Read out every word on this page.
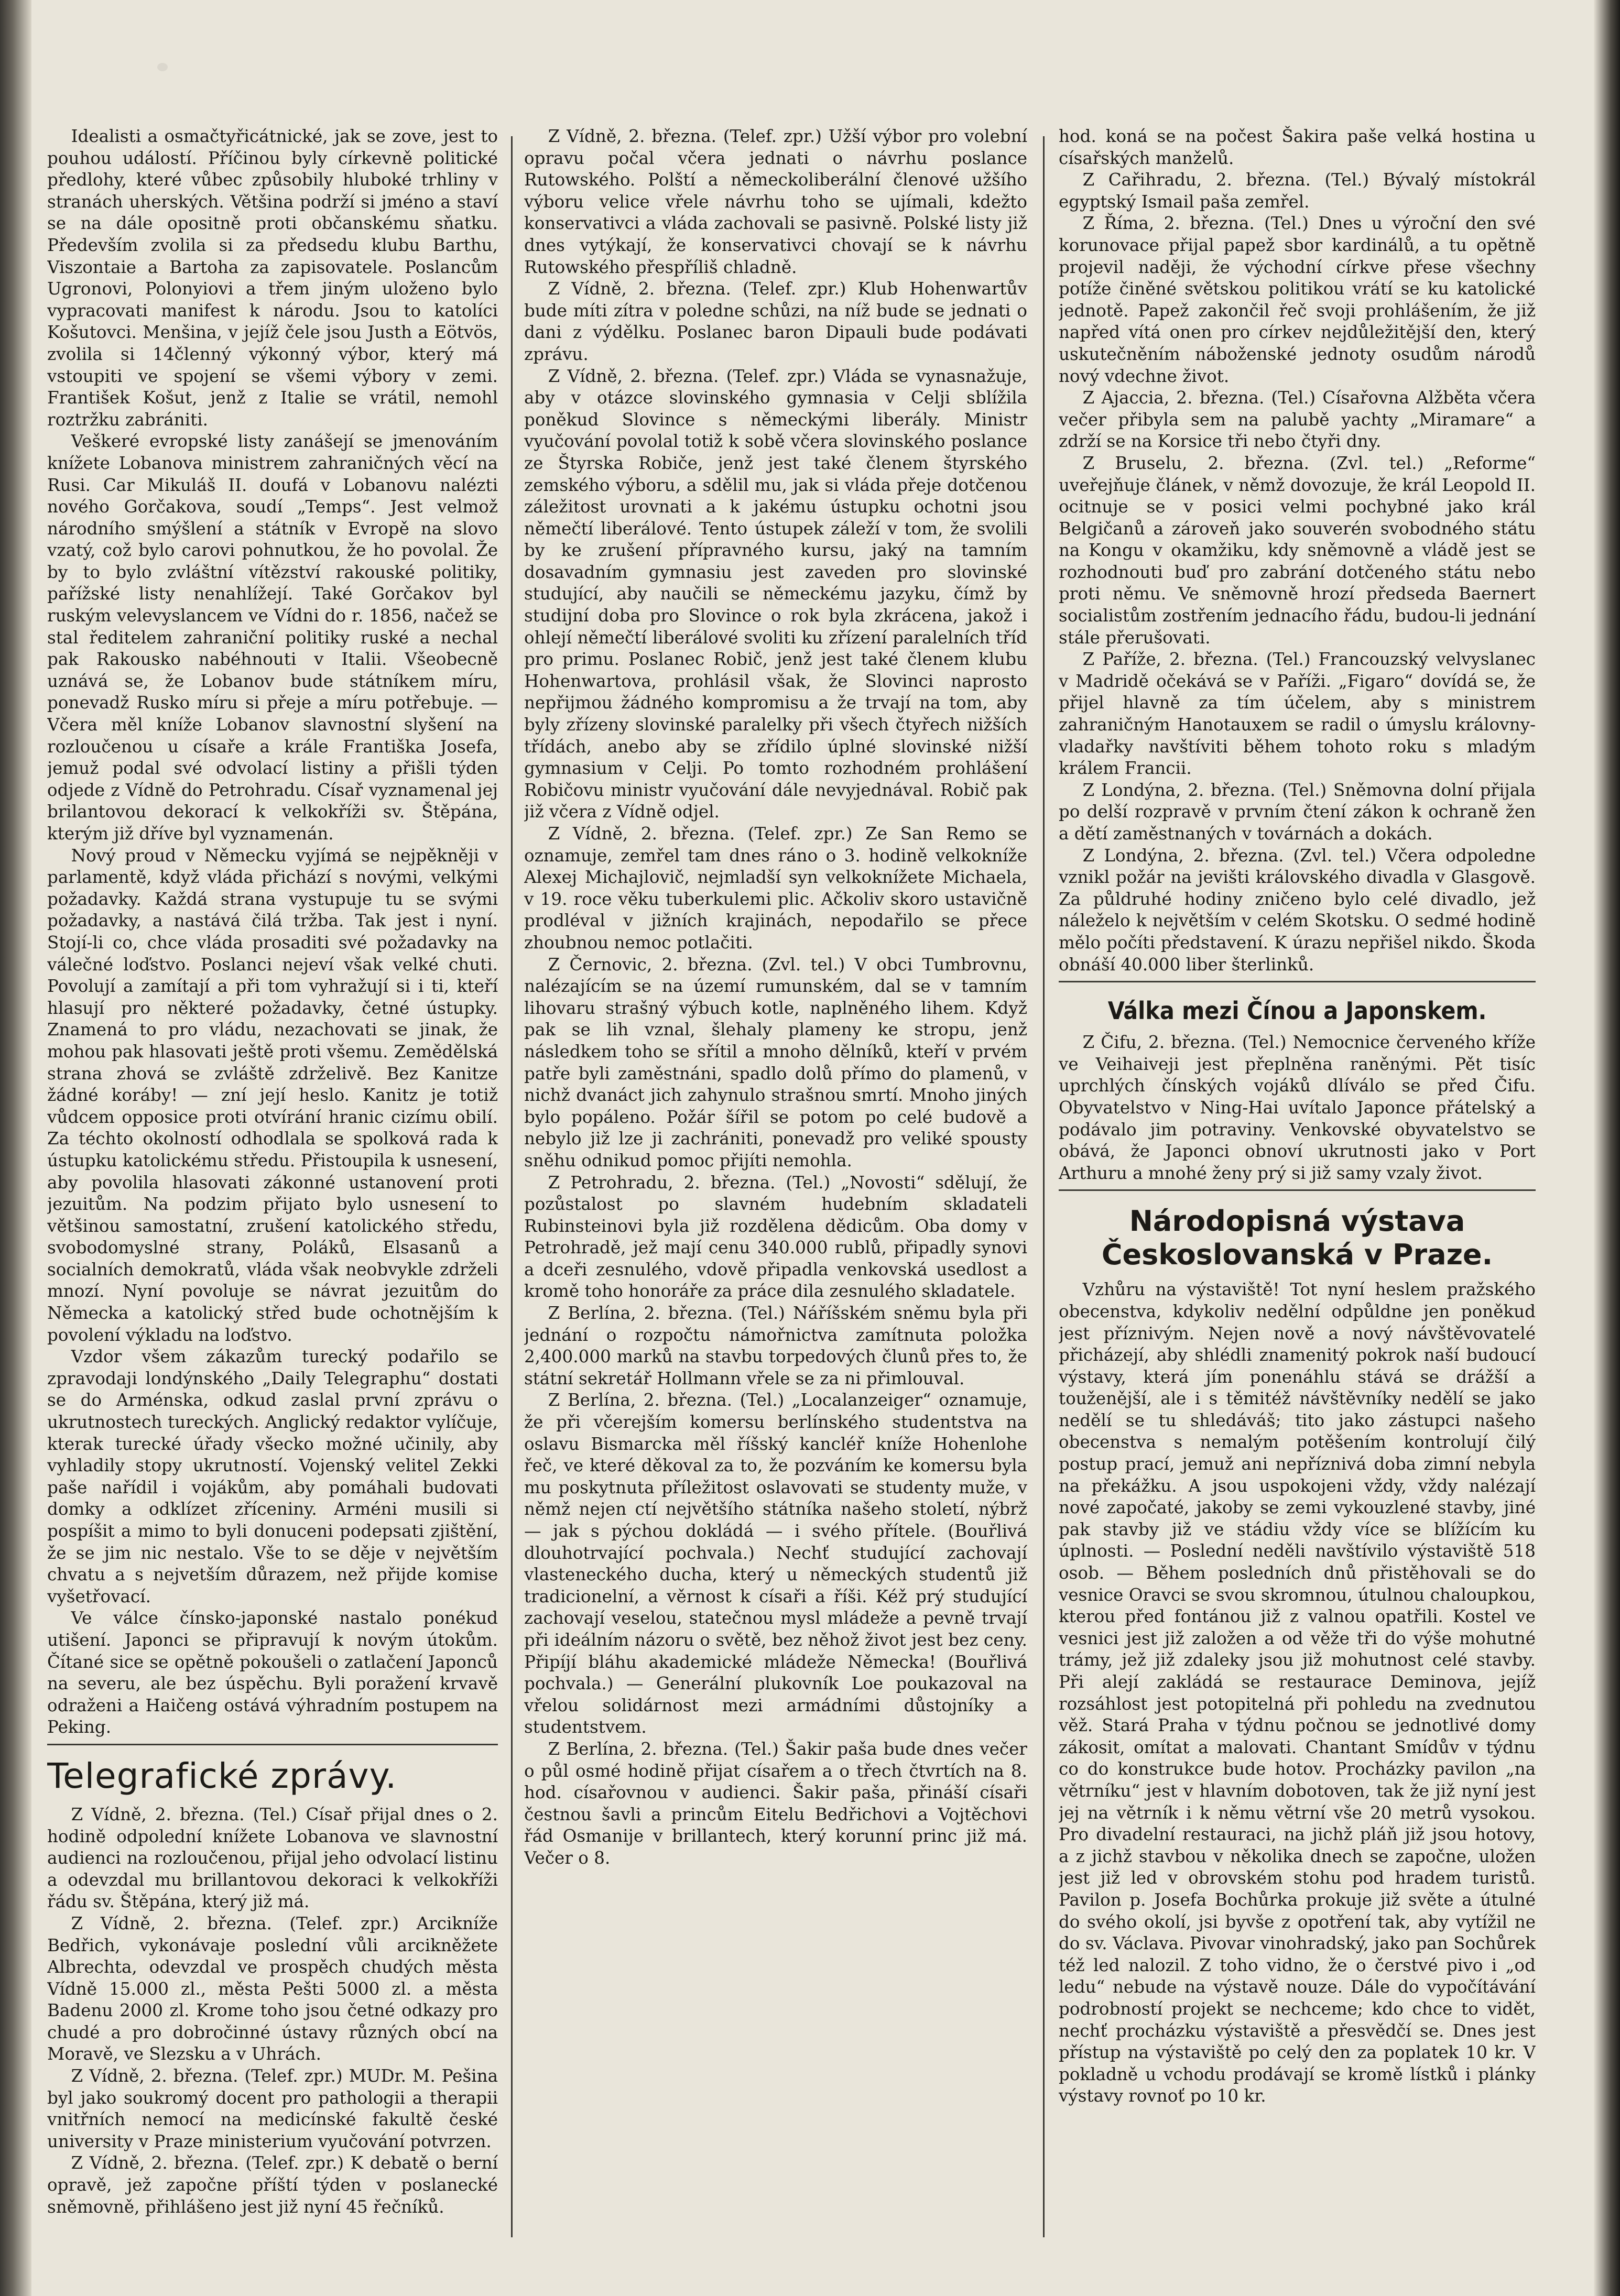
Idealisti a osmačtyřicátnické, jak se zove, jest to pouhou událostí. Příčinou byly církevně politické předlohy, které vůbec způsobily hluboké trhliny v stranách uherských. Většina podrží si jméno a staví se na dále opositně proti občanskému sňatku. Především zvolila si za předsedu klubu Barthu, Viszontaie a Bartoha za zapisovatele. Poslancům Ugronovi, Polonyiovi a třem jiným uloženo bylo vypracovati manifest k národu. Jsou to katolíci Košutovci. Menšina, v jejíž čele jsou Justh a Eötvös, zvolila si 14členný výkonný výbor, který má vstoupiti ve spojení se všemi výbory v zemi. František Košut, jenž z Italie se vrátil, nemohl roztržku zabrániti.

Veškeré evropské listy zanášejí se jmenováním knížete Lobanova ministrem zahraničných věcí na Rusi. Car Mikuláš II. doufá v Lobanovu nalézti nového Gorčakova, soudí „Temps“. Jest velmož národního smýšlení a státník v Evropě na slovo vzatý, což bylo carovi pohnutkou, že ho povolal. Že by to bylo zvláštní vítězství rakouské politiky, pařížské listy nenahlížejí. Také Gorčakov byl ruským velevyslancem ve Vídni do r. 1856, načež se stal ředitelem zahraniční politiky ruské a nechal pak Rakousko nabéhnouti v Italii. Všeobecně uznává se, že Lobanov bude státníkem míru, ponevadž Rusko míru si přeje a míru potřebuje. — Včera měl kníže Lobanov slavnostní slyšení na rozloučenou u císaře a krále Františka Josefa, jemuž podal své odvolací listiny a přišli týden odjede z Vídně do Petrohradu. Císař vyznamenal jej brilantovou dekorací k velkokříži sv. Štěpána, kterým již dříve byl vyznamenán.

Nový proud v Německu vyjímá se nejpěkněji v parlamentě, když vláda přichází s novými, velkými požadavky. Každá strana vystupuje tu se svými požadavky, a nastává čilá tržba. Tak jest i nyní. Stojí-li co, chce vláda prosaditi své požadavky na válečné loďstvo. Poslanci nejeví však velké chuti. Povolují a zamítají a při tom vyhražují si i ti, kteří hlasují pro některé požadavky, četné ústupky. Znamená to pro vládu, nezachovati se jinak, že mohou pak hlasovati ještě proti všemu. Zemědělská strana zhová se zvláště zdrželivě. Bez Kanitze žádné koráby! — zní její heslo. Kanitz je totiž vůdcem opposice proti otvírání hraniс cizímu obilí. Za téchto okolností odhodlala se spolková rada k ústupku katolickému středu. Přistoupila k usnesení, aby povolila hlasovati zákonné ustanovení proti jezuitům. Na podzim přijato bylo usnesení to většinou samostatní, zrušení katolického středu, svobodomyslné strany, Poláků, Elsasanů a socialních demokratů, vláda však neobvykle zdrželi mnozí. Nyní povoluje se návrat jezuitům do Německa a katolický střed bude ochotnějším k povolení výkladu na loďstvo.

Vzdor všem zákazům turecký podařilo se zpravodaji londýnského „Daily Telegraphu“ dostati se do Arménska, odkud zaslal první zprávu o ukrutnostech tureckých. Anglický redaktor vylíčuje, kterak turecké úřady všecko možné učinily, aby vyhladily stopy ukrutností. Vojenský velitel Zekki paše nařídil i vojákům, aby pomáhali budovati domky a odklízet zříceniny. Arméni musili si pospíšit a mimo to byli donuceni podepsati zjištění, že se jim nic nestalo. Vše to se děje v největším chvatu a s nejvetším důrazem, než přijde komise vyšetřovací.

Ve válce čínsko-japonské nastalo ponékud utišení. Japonci se připravují k novým útokům. Čítané sice se opětně pokoušeli o zatlačení Japonců na severu, ale bez úspěchu. Byli poražení krvavě odraženi a Haičeng ostává výhradním postupem na Peking.

Telegrafické zprávy.

Z Vídně, 2. března. (Tel.) Císař přijal dnes o 2. hodině odpolední knížete Lobanova ve slavnostní audienci na rozloučenou, přijal jeho odvolací listinu a odevzdal mu brillantovou dekoraci k velkokříži řádu sv. Štěpána, který již má.

Z Vídně, 2. března. (Telef. zpr.) Arcikníže Bedřich, vykonávaje poslední vůli arcikněžete Albrechta, odevzdal ve prospěch chudých města Vídně 15.000 zl., města Pešti 5000 zl. a města Badenu 2000 zl. Krome toho jsou četné odkazy pro chudé a pro dobročinné ústavy různých obcí na Moravě, ve Slezsku a v Uhrách.

Z Vídně, 2. března. (Telef. zpr.) MUDr. M. Pešina byl jako soukromý docent pro pathologii a therapii vnitřních nemocí na medicínské fakultě české university v Praze ministerium vyučování potvrzen.

Z Vídně, 2. března. (Telef. zpr.) K debatě o berní opravě, jež započne příští týden v poslanecké sněmovně, přihlášeno jest již nyní 45 řečníků.

Z Vídně, 2. března. (Telef. zpr.) Užší výbor pro volební opravu počal včera jednati o návrhu poslance Rutowského. Polští a německoliberální členové užšího výboru velice vřele návrhu toho se ujímali, kdežto konservativci a vláda zachovali se pasivně. Polské listy již dnes vytýkají, že konservativci chovají se k návrhu Rutowského přespříliš chladně.

Z Vídně, 2. března. (Telef. zpr.) Klub Hohenwartův bude míti zítra v poledne schůzi, na níž bude se jednati o dani z výdělku. Poslanec baron Dipauli bude podávati zprávu.

Z Vídně, 2. března. (Telef. zpr.) Vláda se vynasnažuje, aby v otázce slovinského gymnasia v Celji sblížila poněkud Slovince s německými liberály. Ministr vyučování povolal totiž k sobě včera slovinského poslance ze Štyrska Robiče, jenž jest také členem štyrského zemského výboru, a sdělil mu, jak si vláda přeje dotčenou záležitost urovnati a k jakému ústupku ochotni jsou němečtí liberálové. Tento ústupek záleží v tom, že svolili by ke zrušení přípravného kursu, jaký na tamním dosavadním gymnasiu jest zaveden pro slovinské studující, aby naučili se německému jazyku, čímž by studijní doba pro Slovince o rok byla zkrácena, jakož i ohlejí němečtí liberálové svoliti ku zřízení paralelních tříd pro primu. Poslanec Robič, jenž jest také členem klubu Hohenwartova, prohlásil však, že Slovinci naprosto nepřijmou žádného kompromisu a že trvají na tom, aby byly zřízeny slovinské paralelky při všech čtyřech nižších třídách, anebo aby se zřídilo úplné slovinské nižší gymnasium v Celji. Po tomto rozhodném prohlášení Robičovu ministr vyučování dále nevyjednával. Robič pak již včera z Vídně odjel.

Z Vídně, 2. března. (Telef. zpr.) Ze San Remo se oznamuje, zemřel tam dnes ráno o 3. hodině velkokníže Alexej Michajlovič, nejmladší syn velkoknížete Michaela, v 19. roce věku tuberkulemi plic. Ačkoliv skoro ustavičně prodléval v jižních krajinách, nepodařilo se přece zhoubnou nemoc potlačiti.

Z Černovic, 2. března. (Zvl. tel.) V obci Tumbrovnu, nalézajícím se na území rumunském, dal se v tamním lihovaru strašný výbuch kotle, naplněného lihem. Když pak se lih vznal, šlehaly plameny ke stropu, jenž následkem toho se sřítil a mnoho dělníků, kteří v prvém patře byli zaměstnáni, spadlo dolů přímo do plamenů, v nichž dvanáct jich zahynulo strašnou smrtí. Mnoho jiných bylo popáleno. Požár šířil se potom po celé budově a nebylo již lze ji zachrániti, ponevadž pro veliké spousty sněhu odnikud pomoc přijíti nemohla.

Z Petrohradu, 2. března. (Tel.) „Novosti“ sdělují, že pozůstalost po slavném hudebním skladateli Rubinsteinovi byla již rozdělena dědicům. Oba domy v Petrohradě, jež mají cenu 340.000 rublů, připadly synovi a dceři zesnulého, vdově připadla venkovská usedlost a kromě toho honoráře za práce dila zesnulého skladatele.

Z Berlína, 2. března. (Tel.) Náříšském sněmu byla při jednání o rozpočtu námořnictva zamítnuta položka 2,400.000 marků na stavbu torpedových člunů přes to, že státní sekretář Hollmann vřele se za ni přimlouval.

Z Berlína, 2. března. (Tel.) „Localanzeiger“ oznamuje, že při včerejším komersu berlínského studentstva na oslavu Bismarcka měl říšský kancléř kníže Hohenlohe řeč, ve které děkoval za to, že pozváním ke komersu byla mu poskytnuta příležitost oslavovati se studenty muže, v němž nejen ctí největšího státníka našeho století, nýbrž — jak s pýchou dokládá — i svého přítele. (Bouřlivá dlouhotrvající pochvala.) Nechť studující zachovají vlasteneckého ducha, který u německých studentů již tradicionelní, a věrnost k císaři a říši. Kéž prý studující zachovají veselou, statečnou mysl mládeže a pevně trvají při ideálním názoru o světě, bez něhož život jest bez ceny. Připíjí bláhu akademické mládeže Německa! (Bouřlivá pochvala.) — Generální plukovník Loe poukazoval na vřelou solidárnost mezi armádními důstojníky a studentstvem.

Z Berlína, 2. března. (Tel.) Šakir paša bude dnes večer o půl osmé hodině přijat císařem a o třech čtvrtích na 8. hod. císařovnou v audienci. Šakir paša, přináší císaři čestnou šavli a princům Eitelu Bedřichovi a Vojtěchovi řád Osmanije v brillantech, který korunní princ již má. Večer o 8.

hod. koná se na počest Šakira paše velká hostina u císařských manželů.

Z Cařihradu, 2. března. (Tel.) Bývalý místokrál egyptský Ismail paša zemřel.

Z Říma, 2. března. (Tel.) Dnes u výroční den své korunovace přijal papež sbor kardinálů, a tu opětně projevil naději, že východní církve přese všechny potíže činěné světskou politikou vrátí se ku katolické jednotě. Papež zakončil řeč svoji prohlášením, že již napřed vítá onen pro církev nejdůležitější den, který uskutečněním náboženské jednoty osudům národů nový vdechne život.

Z Ajaccia, 2. března. (Tel.) Císařovna Alžběta včera večer přibyla sem na palubě yachty „Miramare“ a zdrží se na Korsice tři nebo čtyři dny.

Z Bruselu, 2. března. (Zvl. tel.) „Reforme“ uveřejňuje článek, v němž dovozuje, že král Leopold II. ocitnuje se v posici velmi pochybné jako král Belgičanů a zároveň jako souverén svobodného státu na Kongu v okamžiku, kdy sněmovně a vládě jest se rozhodnouti buď pro zabrání dotčeného státu nebo proti němu. Ve sněmovně hrozí předseda Baernert socialistům zostřením jednacího řádu, budou-li jednání stále přerušovati.

Z Paříže, 2. března. (Tel.) Francouzský velvyslanec v Madridě očekává se v Paříži. „Figaro“ dovídá se, že přijel hlavně za tím účelem, aby s ministrem zahraničným Hanotauxem se radil o úmyslu královny-vladařky navštíviti během tohoto roku s mladým králem Francii.

Z Londýna, 2. března. (Tel.) Sněmovna dolní přijala po delší rozpravě v prvním čtení zákon k ochraně žen a dětí zaměstnaných v továrnách a dokách.

Z Londýna, 2. března. (Zvl. tel.) Včera odpoledne vznikl požár na jevišti královského divadla v Glasgově. Za půldruhé hodiny zničeno bylo celé divadlo, jež náleželo k největším v celém Skotsku. O sedmé hodině mělo počíti představení. K úrazu nepřišel nikdo. Škoda obnáší 40.000 liber šterlinků.

Válka mezi Čínou a Japonskem.

Z Čifu, 2. března. (Tel.) Nemocnice červeného kříže ve Veihaiveji jest přeplněna raněnými. Pět tisíc uprchlých čínských vojáků dlíválo se před Čifu. Obyvatelstvo v Ning-Hai uvítalo Japonce přátelský a podávalo jim potraviny. Venkovské obyvatelstvo se obává, že Japonci obnoví ukrutnosti jako v Port Arthuru a mnohé ženy prý si již samy vzaly život.

Národopisná výstava Českoslovanská v Praze.

Vzhůru na výstaviště! Tot nyní heslem pražského obecenstva, kdykoliv nedělní odpůldne jen poněkud jest příznivým. Nejen nově a nový návštěvovatelé přicházejí, aby shlédli znamenitý pokrok naší budoucí výstavy, která jím ponenáhlu stává se drážší a touženější, ale i s těmitéž návštěvníky nedělí se jako nedělí se tu shledáváš; tito jako zástupci našeho obecenstva s nemalým potěšením kontrolují čilý postup prací, jemuž ani nepříznivá doba zimní nebyla na překážku. A jsou uspokojeni vždy, vždy nalézají nové započaté, jakoby se zemi vykouzlené stavby, jiné pak stavby již ve stádiu vždy více se blížícím ku úplnosti. — Poslední neděli navštívilo výstaviště 518 osob. — Během posledních dnů přistěhovali se do vesnice Oravci se svou skromnou, útulnou chaloupkou, kterou před fontánou již z valnou opatřili. Kostel ve vesnici jest již založen a od věže tři do výše mohutné trámy, jež již zdaleky jsou již mohutnost celé stavby. Při alejí zakládá se restaurace Deminova, jejíž rozsáhlost jest potopitelná při pohledu na zvednutou věž. Stará Praha v týdnu počnou se jednotlivé domy zákosit, omítat a malovati. Chantant Smídův v týdnu co do konstrukce bude hotov. Procházky pavilon „na větrníku“ jest v hlavním dobotoven, tak že již nyní jest jej na větrník i k němu větrní vše 20 metrů vysokou. Pro divadelní restauraci, na jichž pláň již jsou hotovy, a z jichž stavbou v několika dnech se započne, uložen jest již led v obrovském stohu pod hradem turistů. Pavilon p. Josefa Bochůrka prokuje již světe a útulné do svého okolí, jsi byvše z opotření tak, aby vytížil ne do sv. Václava. Pivovar vinohradský, jako pan Sochůrek též led nalozil. Z toho vidno, že o čerstvé pivo i „od ledu“ nebude na výstavě nouze. Dále do vypočítávání podrobností projekt se nechceme; kdo chce to vidět, nechť procházku výstaviště a přesvědčí se. Dnes jest přístup na výstaviště po celý den za poplatek 10 kr. V pokladně u vchodu prodávají se kromě lístků i plánky výstavy rovnoť po 10 kr.
